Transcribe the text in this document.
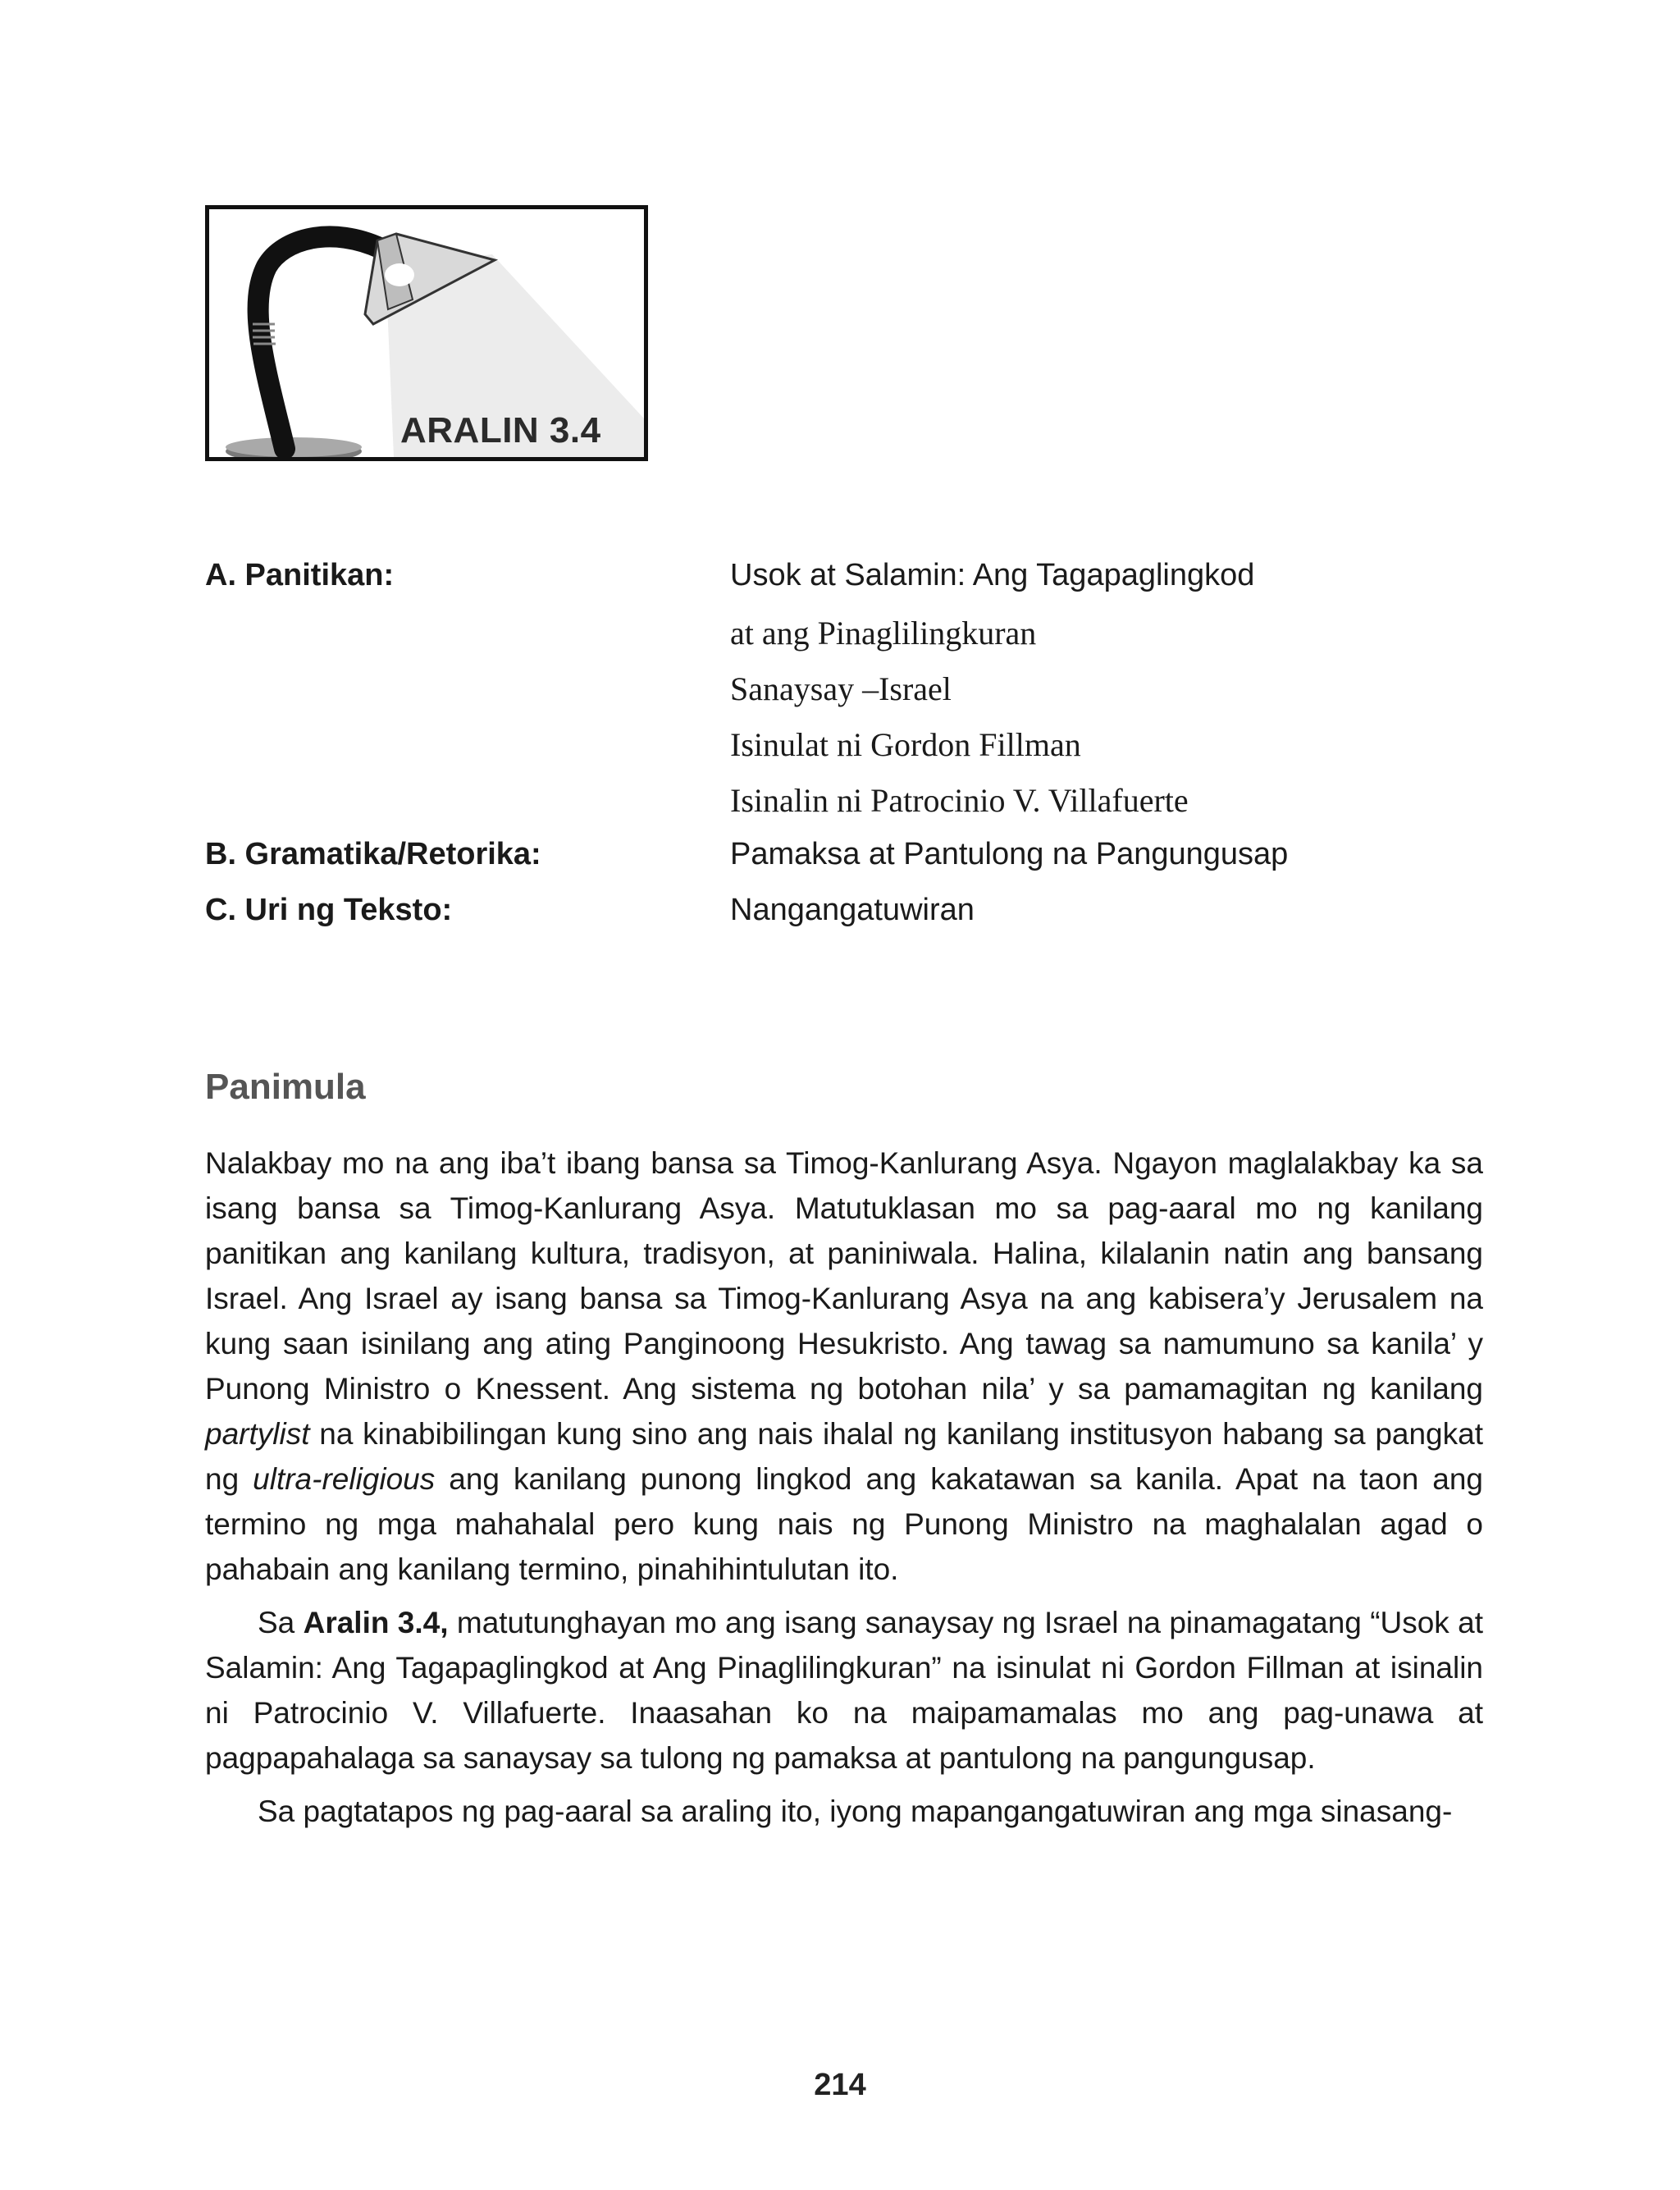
ARALIN 3.4
A. Panitikan:	Usok at Salamin: Ang Tagapaglingkod
at ang Pinaglilingkuran
Sanaysay –Israel
Isinulat ni Gordon Fillman
Isinalin ni Patrocinio V. Villafuerte
B. Gramatika/Retorika:	Pamaksa at Pantulong na Pangungusap
C. Uri ng Teksto:	Nangangatuwiran
Panimula

Nalakbay mo na ang iba’t ibang bansa sa Timog-Kanlurang Asya. Ngayon maglalakbay ka sa isang bansa sa Timog-Kanlurang Asya. Matutuklasan mo sa pag-aaral mo ng kanilang panitikan ang kanilang kultura, tradisyon, at paniniwala. Halina, kilalanin natin ang bansang Israel. Ang Israel ay isang bansa sa Timog-Kanlurang Asya na ang kabisera’y Jerusalem na kung saan isinilang ang ating Panginoong Hesukristo. Ang tawag sa namumuno sa kanila’ y Punong Ministro o Knessent. Ang sistema ng botohan nila’ y sa pamamagitan ng kanilang partylist na kinabibilingan kung sino ang nais ihalal ng kanilang institusyon habang sa pangkat ng ultra-religious ang kanilang punong lingkod ang kakatawan sa kanila. Apat na taon ang termino ng mga mahahalal pero kung nais ng Punong Ministro na maghalalan agad o pahabain ang kanilang termino, pinahihintulutan ito.

Sa Aralin 3.4, matutunghayan mo ang isang sanaysay ng Israel na pinamagatang “Usok at Salamin: Ang Tagapaglingkod at Ang Pinaglilingkuran” na isinulat ni Gordon Fillman at isinalin ni Patrocinio V. Villafuerte. Inaasahan ko na maipamamalas mo ang pag-unawa at pagpapahalaga sa sanaysay sa tulong ng pamaksa at pantulong na pangungusap.

Sa pagtatapos ng pag-aaral sa araling ito, iyong mapangangatuwiran ang mga sinasang-

214
